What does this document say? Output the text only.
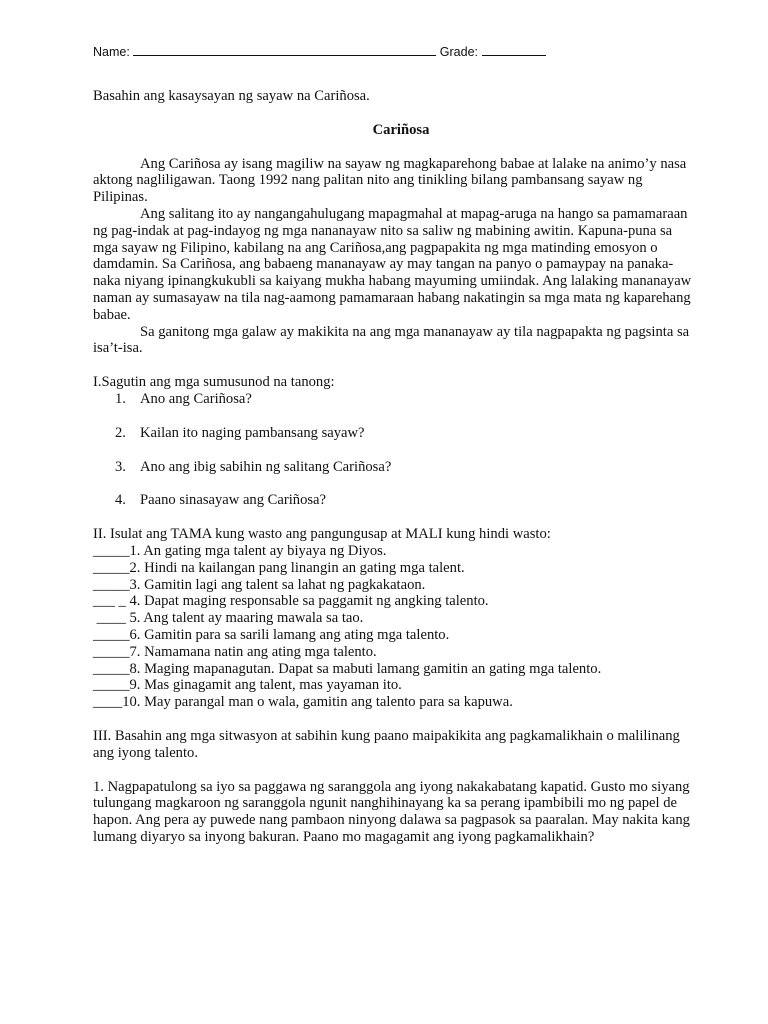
Name:	Grade:

Basahin ang kasaysayan ng sayaw na Cariñosa.

Cariñosa

Ang Cariñosa ay isang magiliw na sayaw ng magkaparehong babae at lalake na animo’y nasa aktong nagliligawan. Taong 1992 nang palitan nito ang tinikling bilang pambansang sayaw ng Pilipinas.

Ang salitang ito ay nangangahulugang mapagmahal at mapag-aruga na hango sa pamamaraan ng pag-indak at pag-indayog ng mga nananayaw nito sa saliw ng mabining awitin. Kapuna-puna sa mga sayaw ng Filipino, kabilang na ang Cariñosa,ang pagpapakita ng mga matinding emosyon o damdamin. Sa Cariñosa, ang babaeng mananayaw ay may tangan na panyo o pamaypay na panaka-naka niyang ipinangkukubli sa kaiyang mukha habang mayuming umiindak. Ang lalaking mananayaw naman ay sumasayaw na tila nag-aamong pamamaraan habang nakatingin sa mga mata ng kaparehang babae.

Sa ganitong mga galaw ay makikita na ang mga mananayaw ay tila nagpapakta ng pagsinta sa isa’t-isa.

I.Sagutin ang mga sumusunod na tanong:

1. Ano ang Cariñosa?
2. Kailan ito naging pambansang sayaw?
3. Ano ang ibig sabihin ng salitang Cariñosa?
4. Paano sinasayaw ang Cariñosa?

II. Isulat ang TAMA kung wasto ang pangungusap at MALI kung hindi wasto:

_____1. An gating mga talent ay biyaya ng Diyos.

_____2. Hindi na kailangan pang linangin an gating mga talent.

_____3. Gamitin lagi ang talent sa lahat ng pagkakataon.

___ _ 4. Dapat maging responsable sa paggamit ng angking talento.

____ 5. Ang talent ay maaring mawala sa tao.

_____6. Gamitin para sa sarili lamang ang ating mga talento.

_____7. Namamana natin ang ating mga talento.

_____8. Maging mapanagutan. Dapat sa mabuti lamang gamitin an gating mga talento.

_____9. Mas ginagamit ang talent, mas yayaman ito.

____10. May parangal man o wala, gamitin ang talento para sa kapuwa.

III. Basahin ang mga sitwasyon at sabihin kung paano maipakikita ang pagkamalikhain o malilinang ang iyong talento.

1. Nagpapatulong sa iyo sa paggawa ng saranggola ang iyong nakakabatang kapatid. Gusto mo siyang tulungang magkaroon ng saranggola ngunit nanghihinayang ka sa perang ipambibili mo ng papel de hapon. Ang pera ay puwede nang pambaon ninyong dalawa sa pagpasok sa paaralan. May nakita kang lumang diyaryo sa inyong bakuran. Paano mo magagamit ang iyong pagkamalikhain?
